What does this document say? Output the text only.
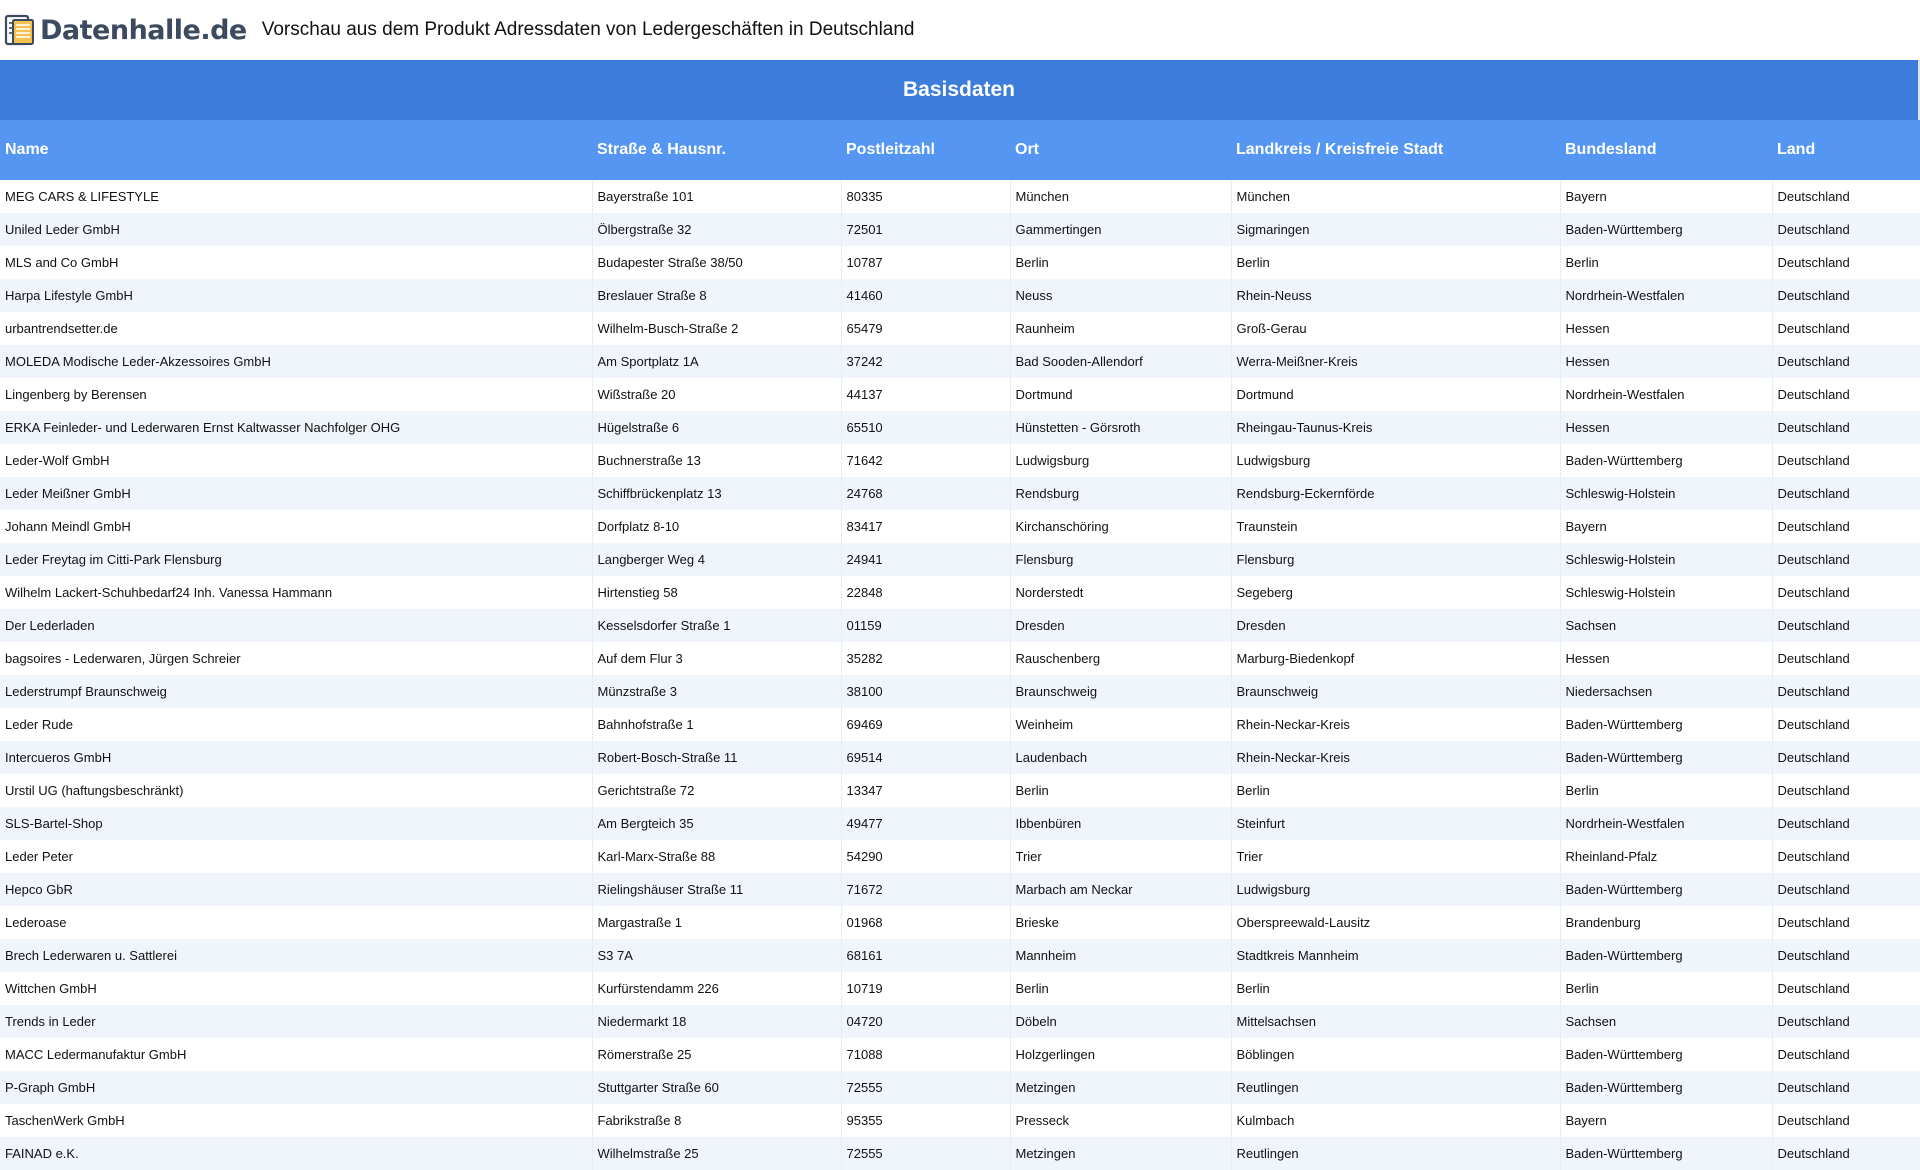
Datenhalle.de Vorschau aus dem Produkt Adressdaten von Ledergeschäften in Deutschland
Basisdaten
Name	Straße & Hausnr.	Postleitzahl	Ort	Landkreis / Kreisfreie Stadt	Bundesland	Land
MEG CARS & LIFESTYLE	Bayerstraße 101	80335	München	München	Bayern	Deutschland
Uniled Leder GmbH	Ölbergstraße 32	72501	Gammertingen	Sigmaringen	Baden-Württemberg	Deutschland
MLS and Co GmbH	Budapester Straße 38/50	10787	Berlin	Berlin	Berlin	Deutschland
Harpa Lifestyle GmbH	Breslauer Straße 8	41460	Neuss	Rhein-Neuss	Nordrhein-Westfalen	Deutschland
urbantrendsetter.de	Wilhelm-Busch-Straße 2	65479	Raunheim	Groß-Gerau	Hessen	Deutschland
MOLEDA Modische Leder-Akzessoires GmbH	Am Sportplatz 1A	37242	Bad Sooden-Allendorf	Werra-Meißner-Kreis	Hessen	Deutschland
Lingenberg by Berensen	Wißstraße 20	44137	Dortmund	Dortmund	Nordrhein-Westfalen	Deutschland
ERKA Feinleder- und Lederwaren Ernst Kaltwasser Nachfolger OHG	Hügelstraße 6	65510	Hünstetten - Görsroth	Rheingau-Taunus-Kreis	Hessen	Deutschland
Leder-Wolf GmbH	Buchnerstraße 13	71642	Ludwigsburg	Ludwigsburg	Baden-Württemberg	Deutschland
Leder Meißner GmbH	Schiffbrückenplatz 13	24768	Rendsburg	Rendsburg-Eckernförde	Schleswig-Holstein	Deutschland
Johann Meindl GmbH	Dorfplatz 8-10	83417	Kirchanschöring	Traunstein	Bayern	Deutschland
Leder Freytag im Citti-Park Flensburg	Langberger Weg 4	24941	Flensburg	Flensburg	Schleswig-Holstein	Deutschland
Wilhelm Lackert-Schuhbedarf24 Inh. Vanessa Hammann	Hirtenstieg 58	22848	Norderstedt	Segeberg	Schleswig-Holstein	Deutschland
Der Lederladen	Kesselsdorfer Straße 1	01159	Dresden	Dresden	Sachsen	Deutschland
bagsoires - Lederwaren, Jürgen Schreier	Auf dem Flur 3	35282	Rauschenberg	Marburg-Biedenkopf	Hessen	Deutschland
Lederstrumpf Braunschweig	Münzstraße 3	38100	Braunschweig	Braunschweig	Niedersachsen	Deutschland
Leder Rude	Bahnhofstraße 1	69469	Weinheim	Rhein-Neckar-Kreis	Baden-Württemberg	Deutschland
Intercueros GmbH	Robert-Bosch-Straße 11	69514	Laudenbach	Rhein-Neckar-Kreis	Baden-Württemberg	Deutschland
Urstil UG (haftungsbeschränkt)	Gerichtstraße 72	13347	Berlin	Berlin	Berlin	Deutschland
SLS-Bartel-Shop	Am Bergteich 35	49477	Ibbenbüren	Steinfurt	Nordrhein-Westfalen	Deutschland
Leder Peter	Karl-Marx-Straße 88	54290	Trier	Trier	Rheinland-Pfalz	Deutschland
Hepco GbR	Rielingshäuser Straße 11	71672	Marbach am Neckar	Ludwigsburg	Baden-Württemberg	Deutschland
Lederoase	Margastraße 1	01968	Brieske	Oberspreewald-Lausitz	Brandenburg	Deutschland
Brech Lederwaren u. Sattlerei	S3 7A	68161	Mannheim	Stadtkreis Mannheim	Baden-Württemberg	Deutschland
Wittchen GmbH	Kurfürstendamm 226	10719	Berlin	Berlin	Berlin	Deutschland
Trends in Leder	Niedermarkt 18	04720	Döbeln	Mittelsachsen	Sachsen	Deutschland
MACC Ledermanufaktur GmbH	Römerstraße 25	71088	Holzgerlingen	Böblingen	Baden-Württemberg	Deutschland
P-Graph GmbH	Stuttgarter Straße 60	72555	Metzingen	Reutlingen	Baden-Württemberg	Deutschland
TaschenWerk GmbH	Fabrikstraße 8	95355	Presseck	Kulmbach	Bayern	Deutschland
FAINAD e.K.	Wilhelmstraße 25	72555	Metzingen	Reutlingen	Baden-Württemberg	Deutschland
